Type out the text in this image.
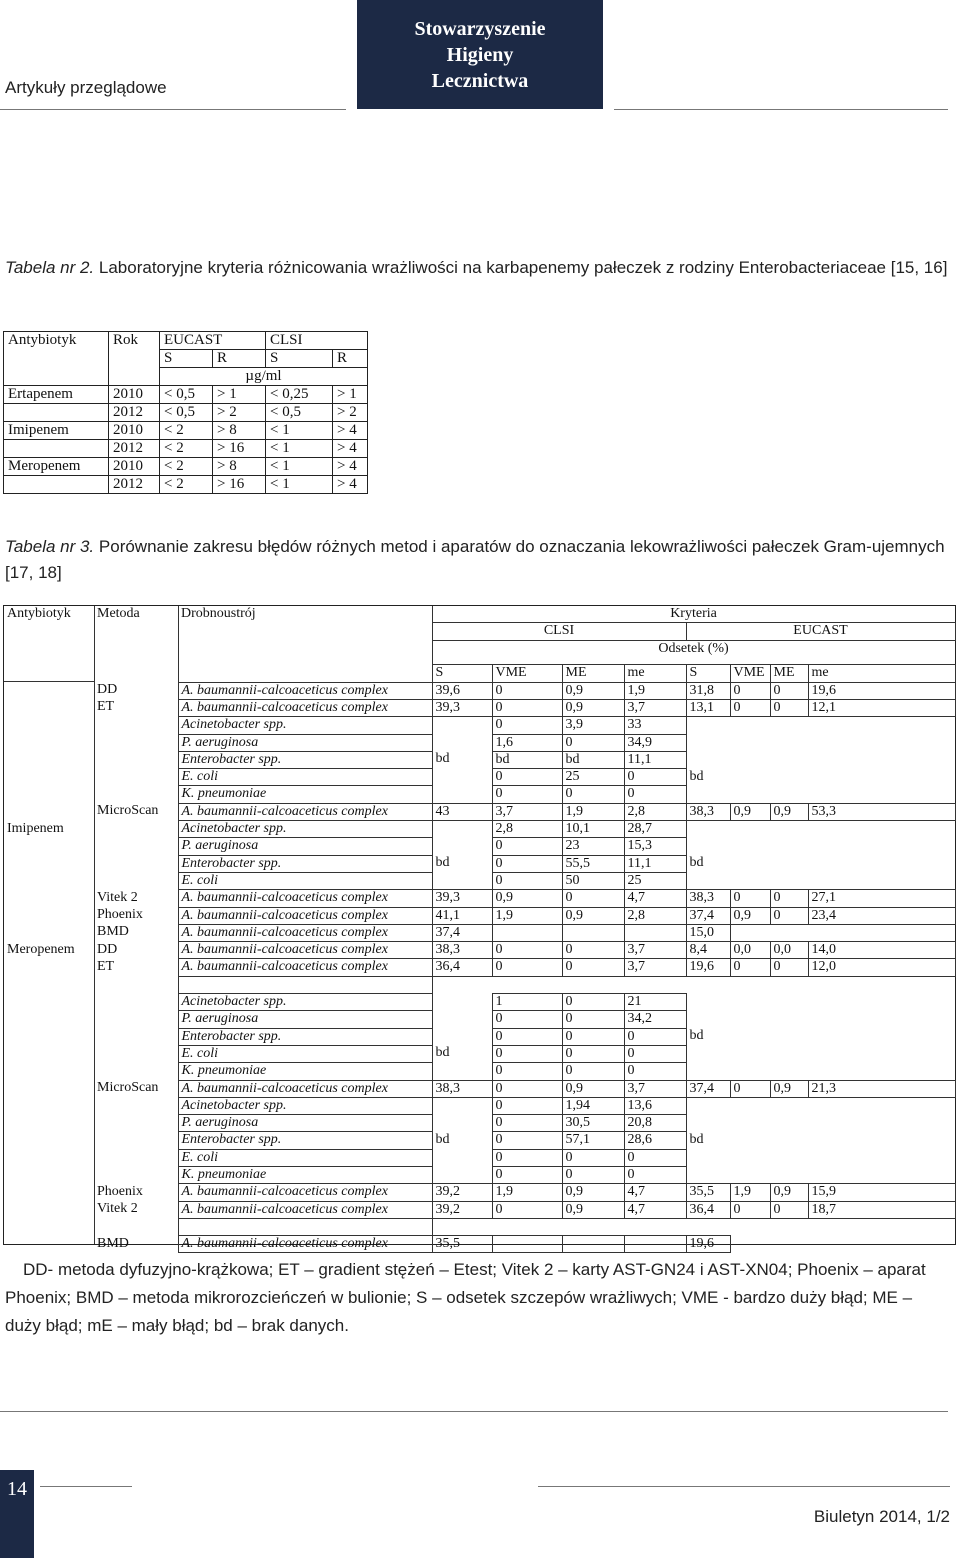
Artykuły przeglądowe
Stowarzyszenie
Higieny
Lecznictwa
Tabela nr 2. Laboratoryjne kryteria różnicowania wrażliwości na karbapenemy pałeczek z rodziny Enterobacteriaceae [15, 16]
Antybiotyk	Rok	EUCAST		CLSI	
		S	R	S	R
		µg/ml			
Ertapenem	2010	< 0,5	> 1	< 0,25	> 1
	2012	< 0,5	> 2	< 0,5	> 2
Imipenem	2010	< 2	> 8	< 1	> 4
	2012	< 2	> 16	< 1	> 4
Meropenem	2010	< 2	> 8	< 1	> 4
	2012	< 2	> 16	< 1	> 4
Tabela nr 3. Porównanie zakresu błędów różnych metod i aparatów do oznaczania lekowrażliwości pałeczek Gram-ujemnych [17, 18]
Antybiotyk	Metoda	Drobnoustrój	Kryteria							
			CLSI				EUCAST			
			Odsetek (%)							

			S	VME	ME	me	S	VME	ME	me
	DD	A. baumannii-calcoaceticus complex	39,6	0	0,9	1,9	31,8	0	0	19,6
	ET	A. baumannii-calcoaceticus complex	39,3	0	0,9	3,7	13,1	0	0	12,1
		Acinetobacter spp.		0	3,9	33				
		P. aeruginosa		1,6	0	34,9				
		Enterobacter spp.	bd	bd	bd	11,1				
		E. coli		0	25	0	bd			
		K. pneumoniae		0	0	0				
	MicroScan	A. baumannii-calcoaceticus complex	43	3,7	1,9	2,8	38,3	0,9	0,9	53,3
Imipenem		Acinetobacter spp.		2,8	10,1	28,7				
		P. aeruginosa		0	23	15,3				
		Enterobacter spp.	bd	0	55,5	11,1	bd			
		E. coli		0	50	25				
	Vitek 2	A. baumannii-calcoaceticus complex	39,3	0,9	0	4,7	38,3	0	0	27,1
	Phoenix	A. baumannii-calcoaceticus complex	41,1	1,9	0,9	2,8	37,4	0,9	0	23,4
	BMD	A. baumannii-calcoaceticus complex	37,4				15,0			
Meropenem	DD	A. baumannii-calcoaceticus complex	38,3	0	0	3,7	8,4	0,0	0,0	14,0
	ET	A. baumannii-calcoaceticus complex	36,4	0	0	3,7	19,6	0	0	12,0

		Acinetobacter spp.		1	0	21				
		P. aeruginosa		0	0	34,2				
		Enterobacter spp.		0	0	0	bd			
		E. coli	bd	0	0	0				
		K. pneumoniae		0	0	0				
	MicroScan	A. baumannii-calcoaceticus complex	38,3	0	0,9	3,7	37,4	0	0,9	21,3
		Acinetobacter spp.		0	1,94	13,6				
		P. aeruginosa		0	30,5	20,8				
		Enterobacter spp.	bd	0	57,1	28,6	bd			
		E. coli		0	0	0				
		K. pneumoniae		0	0	0				
	Phoenix	A. baumannii-calcoaceticus complex	39,2	1,9	0,9	4,7	35,5	1,9	0,9	15,9
	Vitek 2	A. baumannii-calcoaceticus complex	39,2	0	0,9	4,7	36,4	0	0	18,7

	BMD	A. baumannii-calcoaceticus complex	35,5				19,6			
DD- metoda dyfuzyjno-krążkowa; ET – gradient stężeń – Etest; Vitek 2 – karty AST-GN24 i AST-XN04; Phoenix – aparat Phoenix; BMD – metoda mikrorozcieńczeń w bulionie; S – odsetek szczepów wrażliwych; VME - bardzo duży błąd; ME – duży błąd; mE – mały błąd; bd – brak danych.
14
Biuletyn 2014, 1/2
